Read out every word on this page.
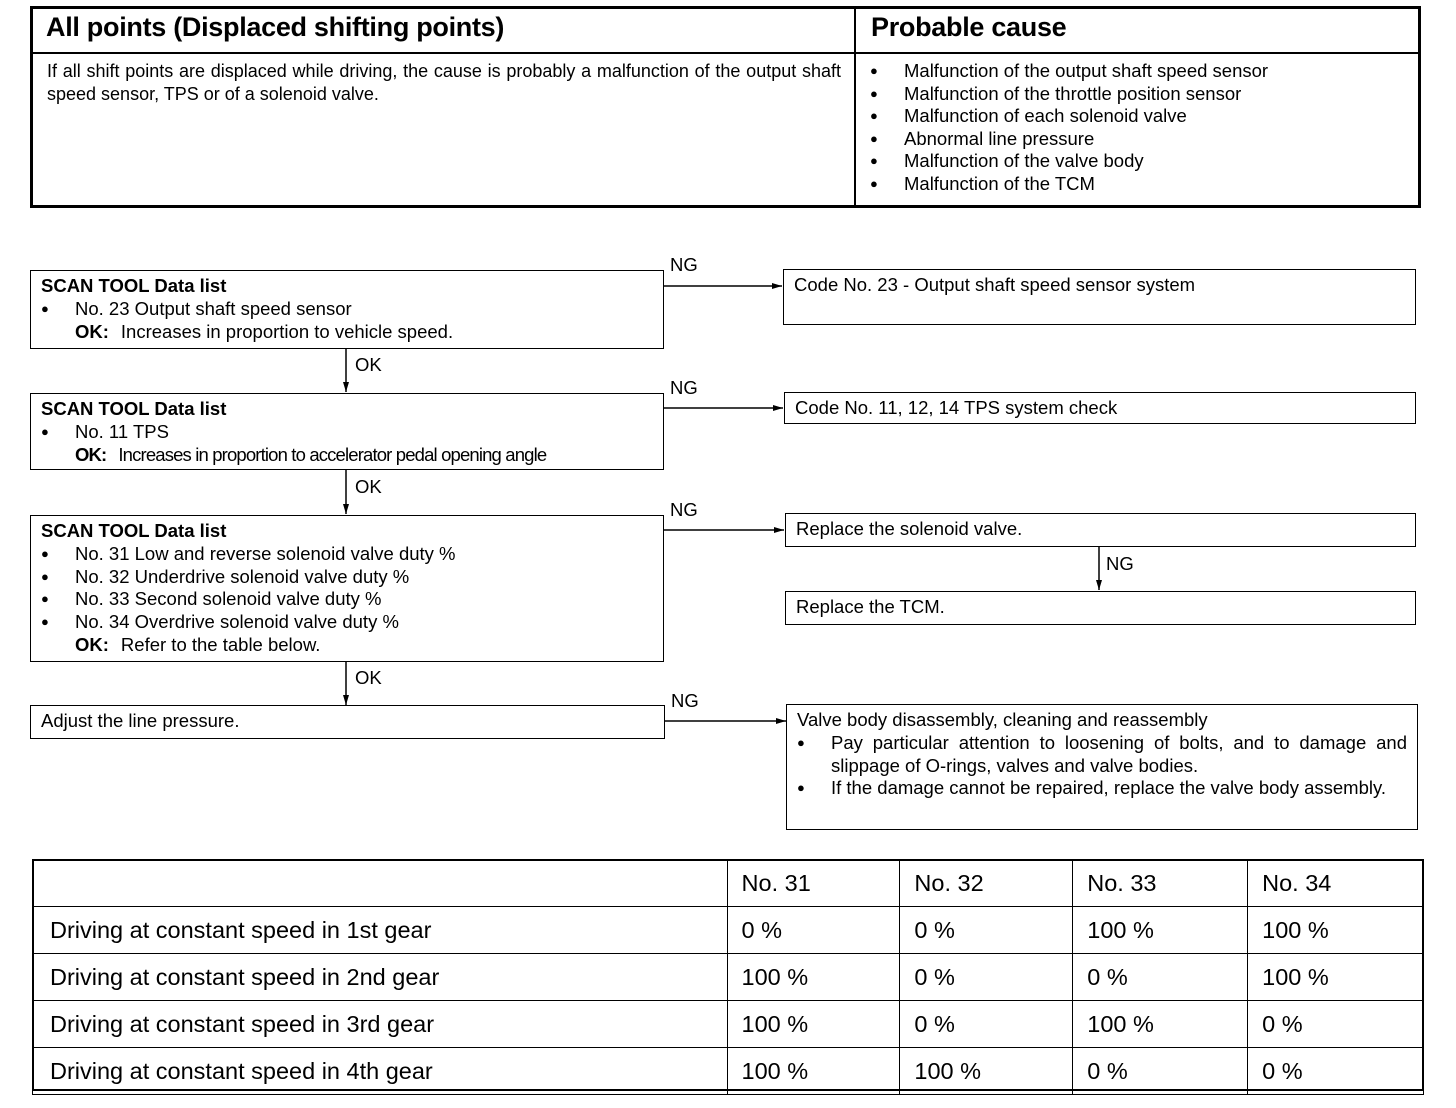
All points (Displaced shifting points)	Probable cause
If all shift points are displaced while driving, the cause is probably a malfunction of the output shaft speed sensor, TPS or of a solenoid valve.
● Malfunction of the output shaft speed sensor
● Malfunction of the throttle position sensor
● Malfunction of each solenoid valve
● Abnormal line pressure
● Malfunction of the valve body
● Malfunction of the TCM
NG
NG
NG
NG
NG
OK
OK
OK
SCAN TOOL Data list
● No. 23 Output shaft speed sensor
OK: Increases in proportion to vehicle speed.
Code No. 23 - Output shaft speed sensor system
SCAN TOOL Data list
● No. 11 TPS
OK: Increases in proportion to accelerator pedal opening angle
Code No. 11, 12, 14 TPS system check
SCAN TOOL Data list
● No. 31 Low and reverse solenoid valve duty %
● No. 32 Underdrive solenoid valve duty %
● No. 33 Second solenoid valve duty %
● No. 34 Overdrive solenoid valve duty %
OK: Refer to the table below.
Replace the solenoid valve.
Replace the TCM.
Adjust the line pressure.	Valve body disassembly, cleaning and reassembly
● Pay particular attention to loosening of bolts, and to damage and slippage of O-rings, valves and valve bodies.
● If the damage cannot be repaired, replace the valve body assembly.
	No. 31	No. 32	No. 33	No. 34
Driving at constant speed in 1st gear	0 %	0 %	100 %	100 %
Driving at constant speed in 2nd gear	100 %	0 %	0 %	100 %
Driving at constant speed in 3rd gear	100 %	0 %	100 %	0 %
Driving at constant speed in 4th gear	100 %	100 %	0 %	0 %
